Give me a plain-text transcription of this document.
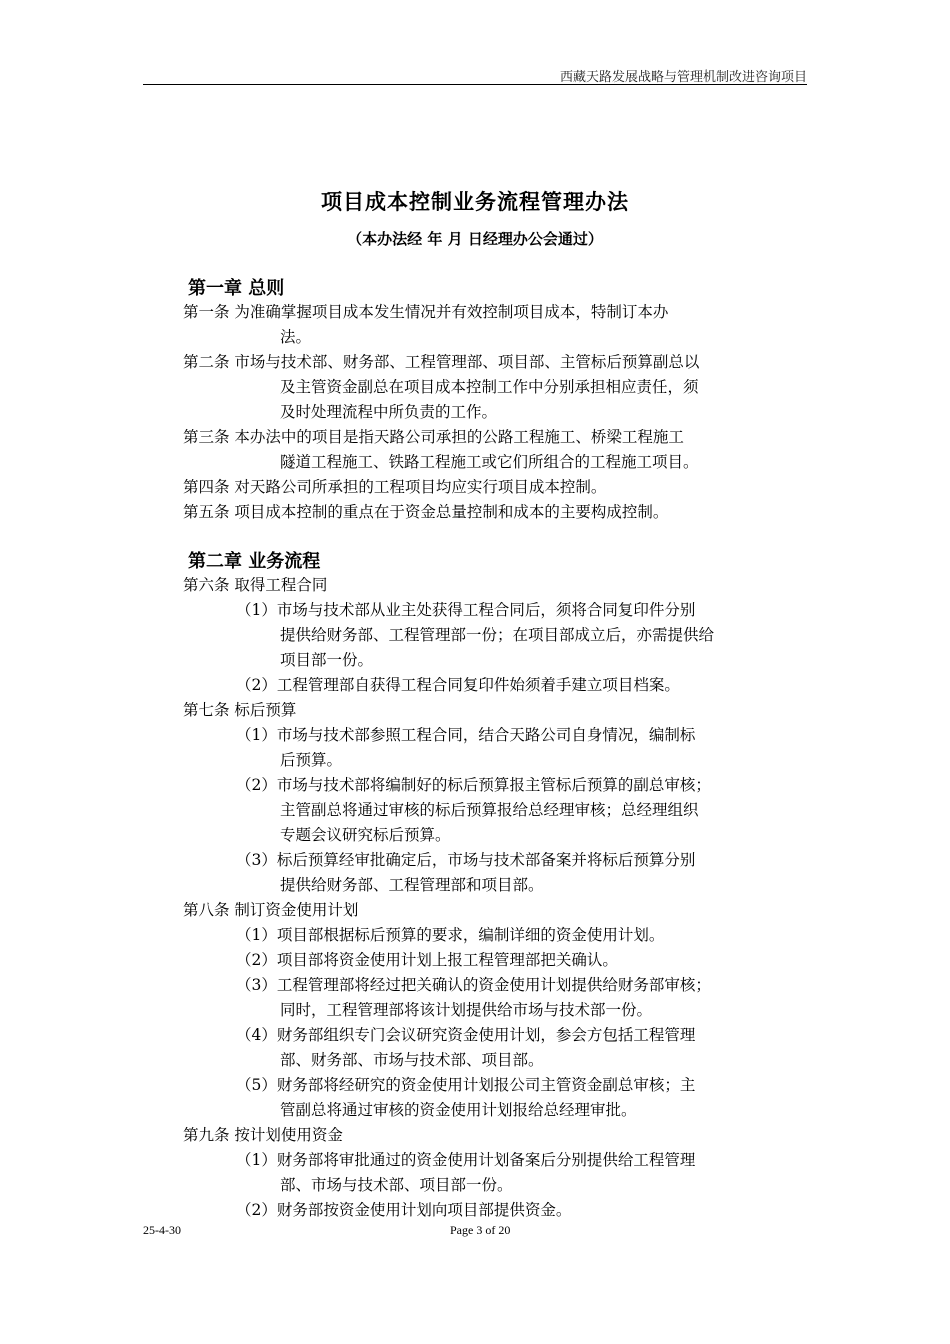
西藏天路发展战略与管理机制改进咨询项目
项目成本控制业务流程管理办法
（本办法经 年 月 日经理办公会通过）
第一章 总则
第一条 为准确掌握项目成本发生情况并有效控制项目成本，特制订本办
法。
第二条 市场与技术部、财务部、工程管理部、项目部、主管标后预算副总以
及主管资金副总在项目成本控制工作中分别承担相应责任，须
及时处理流程中所负责的工作。
第三条 本办法中的项目是指天路公司承担的公路工程施工、桥梁工程施工
隧道工程施工、铁路工程施工或它们所组合的工程施工项目。
第四条 对天路公司所承担的工程项目均应实行项目成本控制。
第五条 项目成本控制的重点在于资金总量控制和成本的主要构成控制。
第二章 业务流程
第六条 取得工程合同
（1）市场与技术部从业主处获得工程合同后，须将合同复印件分别
提供给财务部、工程管理部一份；在项目部成立后，亦需提供给
项目部一份。
（2）工程管理部自获得工程合同复印件始须着手建立项目档案。
第七条 标后预算
（1）市场与技术部参照工程合同，结合天路公司自身情况，编制标
后预算。
（2）市场与技术部将编制好的标后预算报主管标后预算的副总审核；
主管副总将通过审核的标后预算报给总经理审核；总经理组织
专题会议研究标后预算。
（3）标后预算经审批确定后，市场与技术部备案并将标后预算分别
提供给财务部、工程管理部和项目部。
第八条 制订资金使用计划
（1）项目部根据标后预算的要求，编制详细的资金使用计划。
（2）项目部将资金使用计划上报工程管理部把关确认。
（3）工程管理部将经过把关确认的资金使用计划提供给财务部审核；
同时，工程管理部将该计划提供给市场与技术部一份。
（4）财务部组织专门会议研究资金使用计划，参会方包括工程管理
部、财务部、市场与技术部、项目部。
（5）财务部将经研究的资金使用计划报公司主管资金副总审核；主
管副总将通过审核的资金使用计划报给总经理审批。
第九条 按计划使用资金
（1）财务部将审批通过的资金使用计划备案后分别提供给工程管理
部、市场与技术部、项目部一份。
（2）财务部按资金使用计划向项目部提供资金。
25-4-30	Page 3 of 20
